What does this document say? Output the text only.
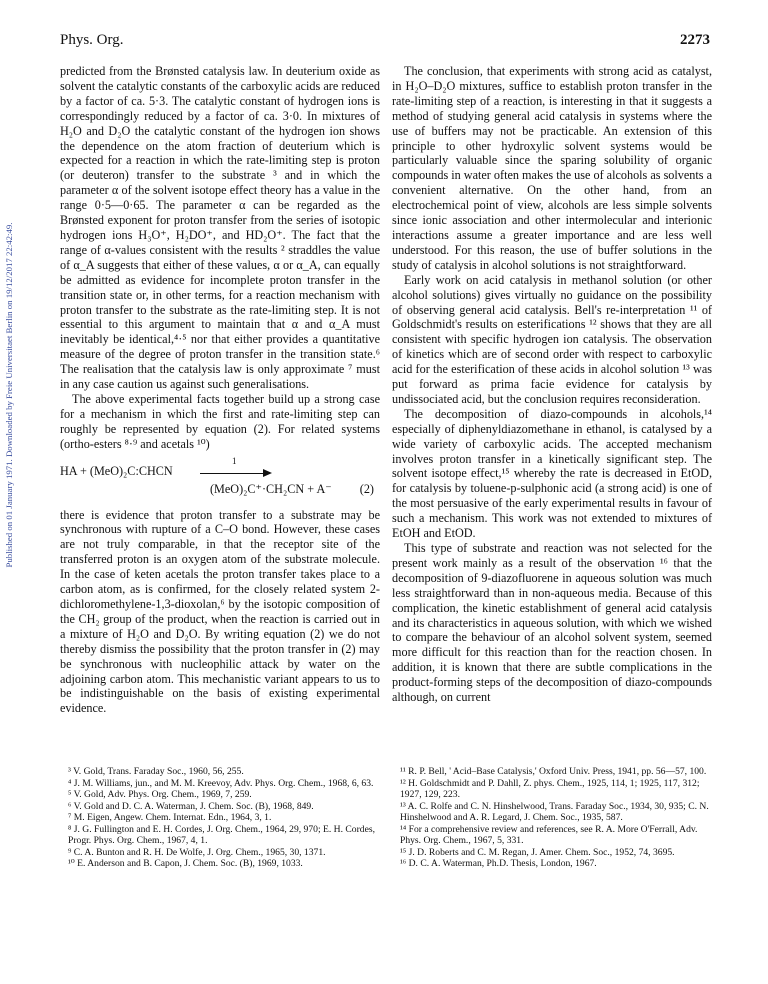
Published on 01 January 1971. Downloaded by Freie Universitaet Berlin on 19/12/2017 22:42:49.
Phys. Org.	2273

predicted from the Brønsted catalysis law. In deuterium oxide as solvent the catalytic constants of the carboxylic acids are reduced by a factor of ca. 5·3. The catalytic constant of hydrogen ions is correspondingly reduced by a factor of ca. 3·0. In mixtures of H₂O and D₂O the catalytic constant of the hydrogen ion shows the dependence on the atom fraction of deuterium which is expected for a reaction in which the rate-limiting step is proton (or deuteron) transfer to the substrate ³ and in which the parameter α of the solvent isotope effect theory has a value in the range 0·5—0·65. The parameter α can be regarded as the Brønsted exponent for proton transfer from the series of isotopic hydrogen ions H₃O⁺, H₂DO⁺, and HD₂O⁺. The fact that the range of α-values consistent with the results ² straddles the value of α_A suggests that either of these values, α or α_A, can equally be admitted as evidence for incomplete proton transfer in the transition state or, in other terms, for a reaction mechanism with proton transfer to the substrate as the rate-limiting step. It is not essential to this argument to maintain that α and α_A must inevitably be identical,⁴·⁵ nor that either provides a quantitative measure of the degree of proton transfer in the transition state.⁶ The realisation that the catalysis law is only approximate ⁷ must in any case caution us against such generalisations.

The above experimental facts together build up a strong case for a mechanism in which the first and rate-limiting step can roughly be represented by equation (2). For related systems (ortho-esters ⁸·⁹ and acetals ¹⁰)

HA + (MeO)₂C:CHCN
1
(MeO)₂C⁺·CH₂CN + A⁻ (2)

there is evidence that proton transfer to a substrate may be synchronous with rupture of a C–O bond. However, these cases are not truly comparable, in that the receptor site of the transferred proton is an oxygen atom of the substrate molecule. In the case of keten acetals the proton transfer takes place to a carbon atom, as is confirmed, for the closely related system 2-dichloromethylene-1,3-dioxolan,⁶ by the isotopic composition of the CH₂ group of the product, when the reaction is carried out in a mixture of H₂O and D₂O. By writing equation (2) we do not thereby dismiss the possibility that the proton transfer in (2) may be synchronous with nucleophilic attack by water on the adjoining carbon atom. This mechanistic variant appears to us to be indistinguishable on the basis of existing experimental evidence.

The conclusion, that experiments with strong acid as catalyst, in H₂O–D₂O mixtures, suffice to establish proton transfer in the rate-limiting step of a reaction, is interesting in that it suggests a method of studying general acid catalysis in systems where the use of buffers may not be practicable. An extension of this principle to other hydroxylic solvent systems would be particularly valuable since the sparing solubility of organic compounds in water often makes the use of alcohols as solvents a convenient alternative. On the other hand, from an electrochemical point of view, alcohols are less simple solvents since ionic association and other intermolecular and interionic interactions assume a greater importance and are less well understood. For this reason, the use of buffer solutions in the study of catalysis in alcohol solutions is not straightforward.

Early work on acid catalysis in methanol solution (or other alcohol solutions) gives virtually no guidance on the possibility of observing general acid catalysis. Bell's re-interpretation ¹¹ of Goldschmidt's results on esterifications ¹² shows that they are all consistent with specific hydrogen ion catalysis. The observation of kinetics which are of second order with respect to carboxylic acid for the esterification of these acids in alcohol solution ¹³ was put forward as prima facie evidence for catalysis by undissociated acid, but the conclusion requires reconsideration.

The decomposition of diazo-compounds in alcohols,¹⁴ especially of diphenyldiazomethane in ethanol, is catalysed by a wide variety of carboxylic acids. The accepted mechanism involves proton transfer in a kinetically significant step. The solvent isotope effect,¹⁵ whereby the rate is decreased in EtOD, for catalysis by toluene-p-sulphonic acid (a strong acid) is one of the most persuasive of the early experimental results in favour of such a mechanism. This work was not extended to mixtures of EtOH and EtOD.

This type of substrate and reaction was not selected for the present work mainly as a result of the observation ¹⁶ that the decomposition of 9-diazofluorene in aqueous solution was much less straightforward than in non-aqueous media. Because of this complication, the kinetic establishment of general acid catalysis and its characteristics in aqueous solution, with which we wished to compare the behaviour of an alcohol solvent system, seemed more difficult for this reaction than for the reaction chosen. In addition, it is known that there are subtle complications in the product-forming steps of the decomposition of diazo-compounds although, on current

³ V. Gold, Trans. Faraday Soc., 1960, 56, 255.

⁴ J. M. Williams, jun., and M. M. Kreevoy, Adv. Phys. Org. Chem., 1968, 6, 63.

⁵ V. Gold, Adv. Phys. Org. Chem., 1969, 7, 259.

⁶ V. Gold and D. C. A. Waterman, J. Chem. Soc. (B), 1968, 849.

⁷ M. Eigen, Angew. Chem. Internat. Edn., 1964, 3, 1.

⁸ J. G. Fullington and E. H. Cordes, J. Org. Chem., 1964, 29, 970; E. H. Cordes, Progr. Phys. Org. Chem., 1967, 4, 1.

⁹ C. A. Bunton and R. H. De Wolfe, J. Org. Chem., 1965, 30, 1371.

¹⁰ E. Anderson and B. Capon, J. Chem. Soc. (B), 1969, 1033.

¹¹ R. P. Bell, ' Acid–Base Catalysis,' Oxford Univ. Press, 1941, pp. 56—57, 100.

¹² H. Goldschmidt and P. Dahll, Z. phys. Chem., 1925, 114, 1; 1925, 117, 312; 1927, 129, 223.

¹³ A. C. Rolfe and C. N. Hinshelwood, Trans. Faraday Soc., 1934, 30, 935; C. N. Hinshelwood and A. R. Legard, J. Chem. Soc., 1935, 587.

¹⁴ For a comprehensive review and references, see R. A. More O'Ferrall, Adv. Phys. Org. Chem., 1967, 5, 331.

¹⁵ J. D. Roberts and C. M. Regan, J. Amer. Chem. Soc., 1952, 74, 3695.

¹⁶ D. C. A. Waterman, Ph.D. Thesis, London, 1967.
